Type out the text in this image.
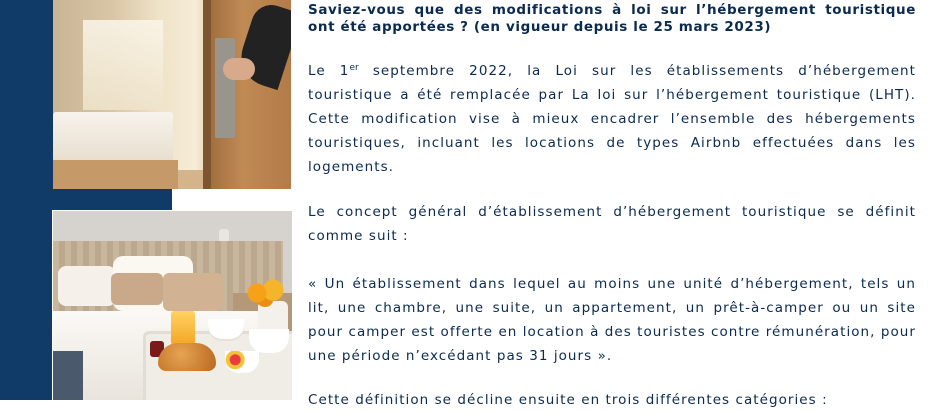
Saviez-vous que des modifications à loi sur l’hébergement touristique ont été apportées ? (en vigueur depuis le 25 mars 2023)

Le 1er septembre 2022, la Loi sur les établissements d’hébergement touristique a été remplacée par La loi sur l’hébergement touristique (LHT). Cette modification vise à mieux encadrer l’ensemble des hébergements touristiques, incluant les locations de types Airbnb effectuées dans les logements.

Le concept général d’établissement d’hébergement touristique se définit comme suit :

« Un établissement dans lequel au moins une unité d’hébergement, tels un lit, une chambre, une suite, un appartement, un prêt-à-camper ou un site pour camper est offerte en location à des touristes contre rémunération, pour une période n’excédant pas 31 jours ».

Cette définition se décline ensuite en trois différentes catégories :
